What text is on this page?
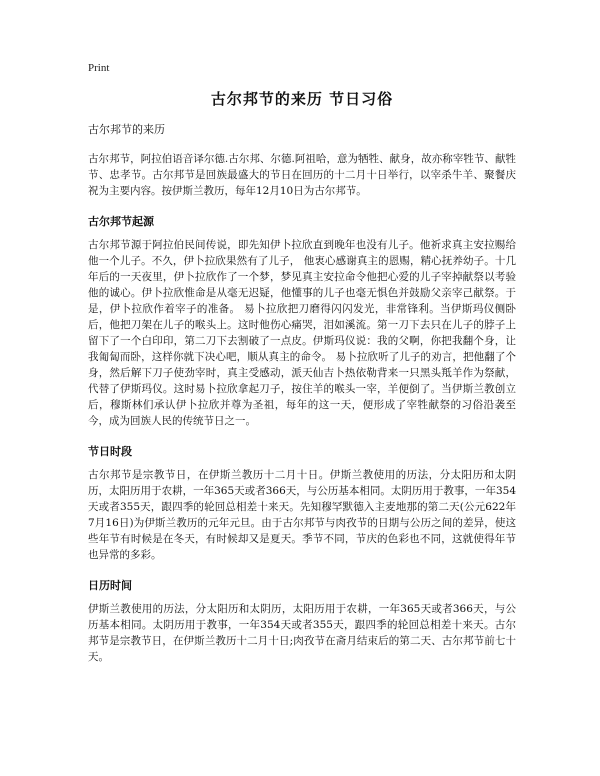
Print
古尔邦节的来历 节日习俗
古尔邦节的来历

古尔邦节，阿拉伯语音译尔德.古尔邦、尔德.阿祖哈，意为牺牲、献身，故亦称宰牲节、献牲节、忠孝节。古尔邦节是回族最盛大的节日在回历的十二月十日举行，以宰杀牛羊、聚餐庆祝为主要内容。按伊斯兰教历，每年12月10日为古尔邦节。

古尔邦节起源

古尔邦节源于阿拉伯民间传说，即先知伊卜拉欣直到晚年也没有儿子。他祈求真主安拉赐给他一个儿子。不久，伊卜拉欣果然有了儿子， 他衷心感谢真主的恩赐，精心抚养幼子。十几年后的一天夜里，伊卜拉欣作了一个梦，梦见真主安拉命令他把心爱的儿子宰掉献祭以考验他的诚心。伊卜拉欣惟命是从毫无迟疑，他懂事的儿子也毫无惧色并鼓励父亲宰己献祭。于是，伊卜拉欣作着宰子的准备。 易卜拉欣把刀磨得闪闪发光，非常锋利。当伊斯玛仪侧卧后，他把刀架在儿子的喉头上。这时他伤心痛哭，泪如溪流。第一刀下去只在儿子的脖子上留下了一个白印印，第二刀下去割破了一点皮。伊斯玛仪说：我的父啊，你把我翻个身，让我匍匐而卧，这样你就下决心吧，顺从真主的命令。 易卜拉欣听了儿子的劝言，把他翻了个身，然后解下刀子使劲宰时，真主受感动，派天仙吉卜热依勒背来一只黑头羝羊作为祭献，代替了伊斯玛仪。这时易卜拉欣拿起刀子，按住羊的喉头一宰，羊便倒了。当伊斯兰教创立后，穆斯林们承认伊卜拉欣并尊为圣祖，每年的这一天，便形成了宰牲献祭的习俗沿袭至今，成为回族人民的传统节日之一。

节日时段

古尔邦节是宗教节日，在伊斯兰教历十二月十日。伊斯兰教使用的历法，分太阳历和太阴历，太阳历用于农耕，一年365天或者366天，与公历基本相同。太阴历用于教事，一年354天或者355天，跟四季的轮回总相差十来天。先知穆罕默德入主麦地那的第二天(公元622年7月16日)为伊斯兰教历的元年元旦。由于古尔邦节与肉孜节的日期与公历之间的差异，使这些年节有时候是在冬天，有时候却又是夏天。季节不同，节庆的色彩也不同，这就使得年节也异常的多彩。

日历时间

伊斯兰教使用的历法，分太阳历和太阴历，太阳历用于农耕，一年365天或者366天，与公历基本相同。太阴历用于教事，一年354天或者355天，跟四季的轮回总相差十来天。古尔邦节是宗教节日，在伊斯兰教历十二月十日;肉孜节在斋月结束后的第二天、古尔邦节前七十天。
